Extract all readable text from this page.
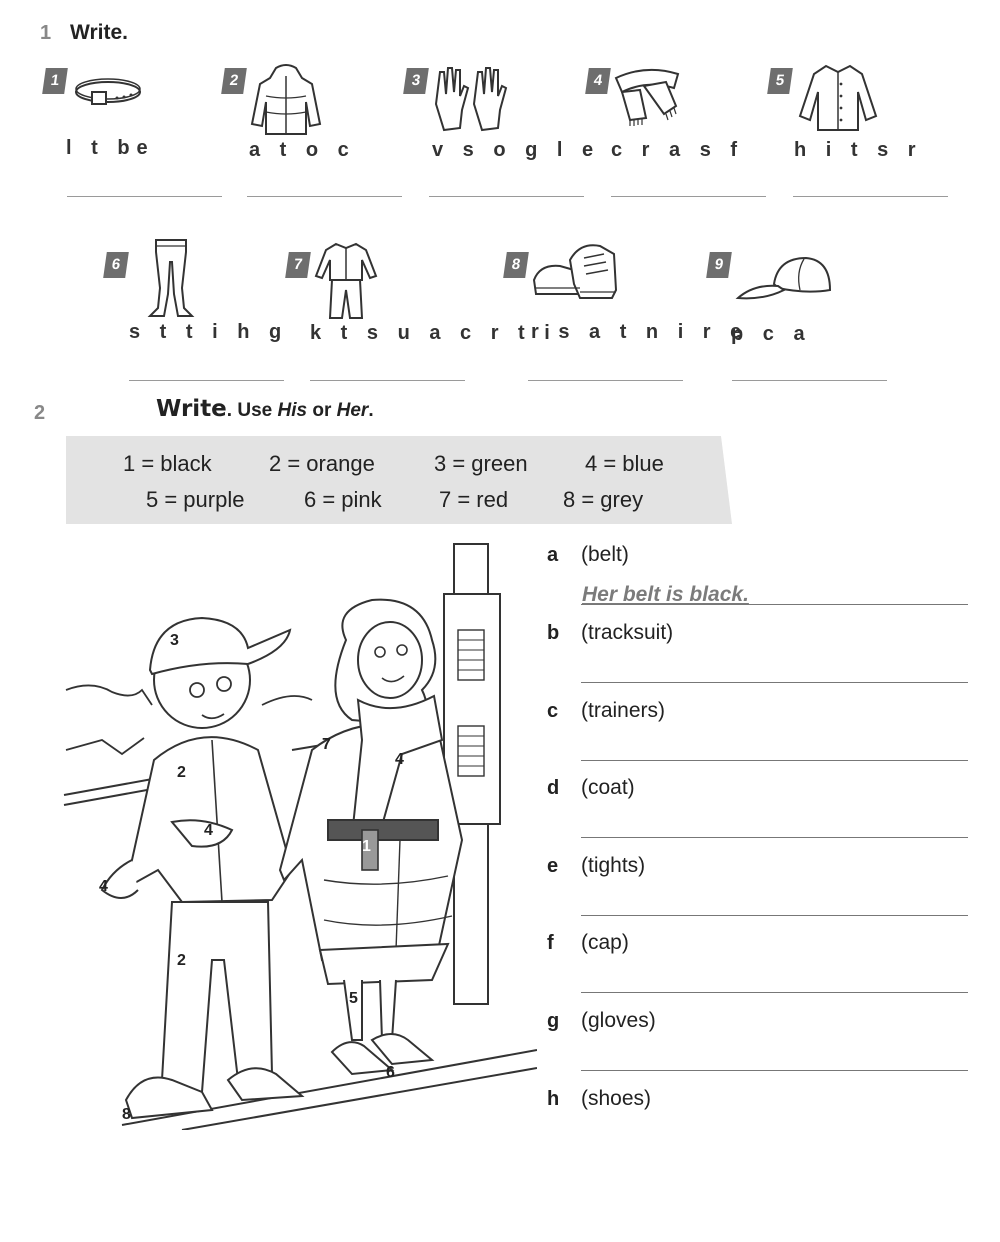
1 Write.
1
l t be
2
a t o c
3
v s o g l e
4
c r a s f
5
h i t s r
6
s t t i h g
7
k t s u a c r t i
8
r s a t n i r e
9
p c a
2	Write. Use His or Her.
1 = black	2 = orange	3 = green	4 = blue
5 = purple	6 = pink	7 = red 8 = grey
3
2
4
4
2
8
7
4
1
5
6
a (belt)
Her belt is black.
b (tracksuit)
c (trainers)
d (coat)
e (tights)
f (cap)
g (gloves)
h (shoes)
